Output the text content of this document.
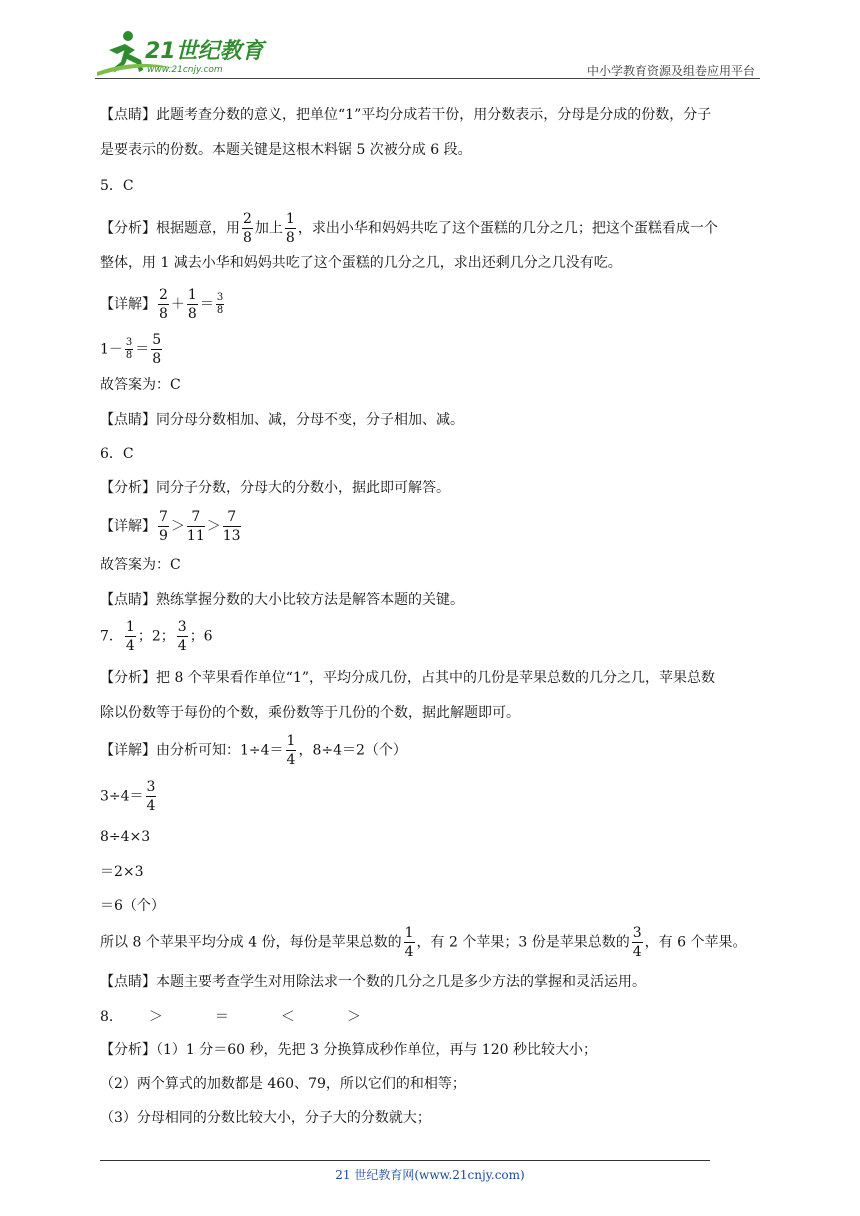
21世纪教育
www.21cnjy.com	中小学教育资源及组卷应用平台
【点睛】此题考查分数的意义，把单位“1”平均分成若干份，用分数表示，分母是分成的份数，分子
是要表示的份数。本题关键是这根木料锯 5 次被分成 6 段。
5．C
【分析】根据题意，用 $\frac{2}{8}$ 加上 $\frac{1}{8}$ ，求出小华和妈妈共吃了这个蛋糕的几分之几；把这个蛋糕看成一个
整体，用 1 减去小华和妈妈共吃了这个蛋糕的几分之几，求出还剩几分之几没有吃。
【详解】 $\frac{2}{8} + \frac{1}{8} = \frac{3}{8}$
$1- \frac{3}{8} = \frac{5}{8}$
故答案为：C
【点睛】同分母分数相加、减，分母不变，分子相加、减。
6．C
【分析】同分子分数，分母大的分数小，据此即可解答。
【详解】 $\frac{7}{9} > \frac{7}{11} > \frac{7}{13}$
故答案为：C
【点睛】熟练掌握分数的大小比较方法是解答本题的关键。
7． $\frac{1}{4}$ ；2； $\frac{3}{4}$ ；6
【分析】把 8 个苹果看作单位“1”，平均分成几份，占其中的几份是苹果总数的几分之几，苹果总数
除以份数等于每份的个数，乘份数等于几份的个数，据此解题即可。
【详解】由分析可知：$1\div 4= \frac{1}{4}$ ，8÷4＝2（个）
$3\div 4= \frac{3}{4}$
8÷4×3
＝2×3
＝6（个）
所以 8 个苹果平均分成 4 份，每份是苹果总数的 $\frac{1}{4}$ ，有 2 个苹果；3 份是苹果总数的 $\frac{3}{4}$ ，有 6 个苹果。
【点睛】本题主要考查学生对用除法求一个数的几分之几是多少方法的掌握和灵活运用。
8． ＞	＝	＜	＞
【分析】（1）1 分＝60 秒，先把 3 分换算成秒作单位，再与 120 秒比较大小；
（2）两个算式的加数都是 460、79，所以它们的和相等；
（3）分母相同的分数比较大小，分子大的分数就大；
21 世纪教育网(www.21cnjy.com)
